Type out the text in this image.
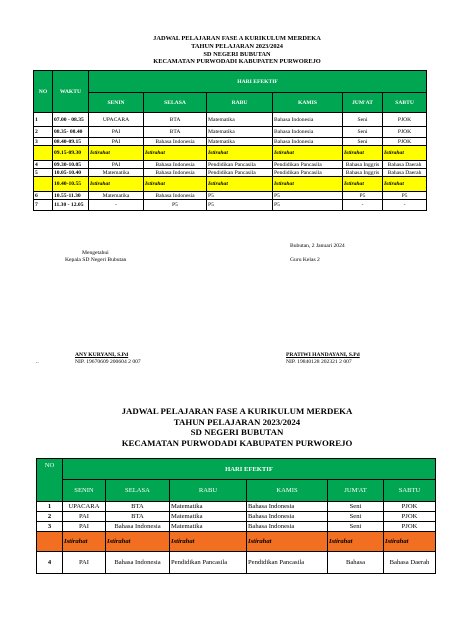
JADWAL PELAJARAN FASE A KURIKULUM MERDEKA
TAHUN PELAJARAN 2023/2024
SD NEGERI BUBUTAN
KECAMATAN PURWODADI KABUPATEN PURWOREJO
NO	WAKTU	HARI EFEKTIF					
		SENIN	SELASA	RABU	KAMIS	JUM'AT	SABTU
1	07.00 - 08.35	UPACARA	BTA	Matematika	Bahasa Indonesia	Seni	PJOK
2	08.35- 08.40	PAI	BTA	Matematika	Bahasa Indonesia	Seni	PJOK
3	08.40-09.15	PAI	Bahasa Indonesia	Matematika	Bahasa Indonesia	Seni	PJOK
	09.15-09.30	Istirahat	Istirahat	Istirahat	Istirahat	Istirahat	Istirahat
4	09.30-10.05	PAI	Bahasa Indonesia	Pendidikan Pancasila	Pendidikan Pancasila	Bahasa Inggris	Bahasa Daerah
5	10.05-10.40	Matematika	Bahasa Indonesia	Pendidikan Pancasila	Pendidikan Pancasila	Bahasa Inggris	Bahasa Daerah
	10.40-10.55	Istirahat	Istirahat	Istirahat	Istirahat	Istirahat	Istirahat
6	10.55-11.30	Matematika	Bahasa Indonesia	P5	P5	P5	P5
7	11.30 - 12.05	-	P5	P5	P5	-	-
Bubutan, 2 Januari 2024
Mengetahui
Kepala SD Negeri Bubutan	Guru Kelas 2
ANY KURYANI, S.Pd
NIP. 19670609 200604 2 007
..
PRATIWI HANDAYANI, S.Pd
NIP. 19840128 202321 2 007
JADWAL PELAJARAN FASE A KURIKULUM MERDEKA
TAHUN PELAJARAN 2023/2024
SD NEGERI BUBUTAN
KECAMATAN PURWODADI KABUPATEN PURWOREJO
NO	HARI EFEKTIF					
	SENIN	SELASA	RABU	KAMIS	JUM'AT	SABTU
1	UPACARA	BTA	Matematika	Bahasa Indonesia	Seni	PJOK
2	PAI	BTA	Matematika	Bahasa Indonesia	Seni	PJOK
3	PAI	Bahasa Indonesia	Matematika	Bahasa Indonesia	Seni	PJOK
	Istirahat	Istirahat	Istirahat	Istirahat	Istirahat	Istirahat
4	PAI	Bahasa Indonesia	Pendidikan Pancasila	Pendidikan Pancasila	Bahasa	Bahasa Daerah
